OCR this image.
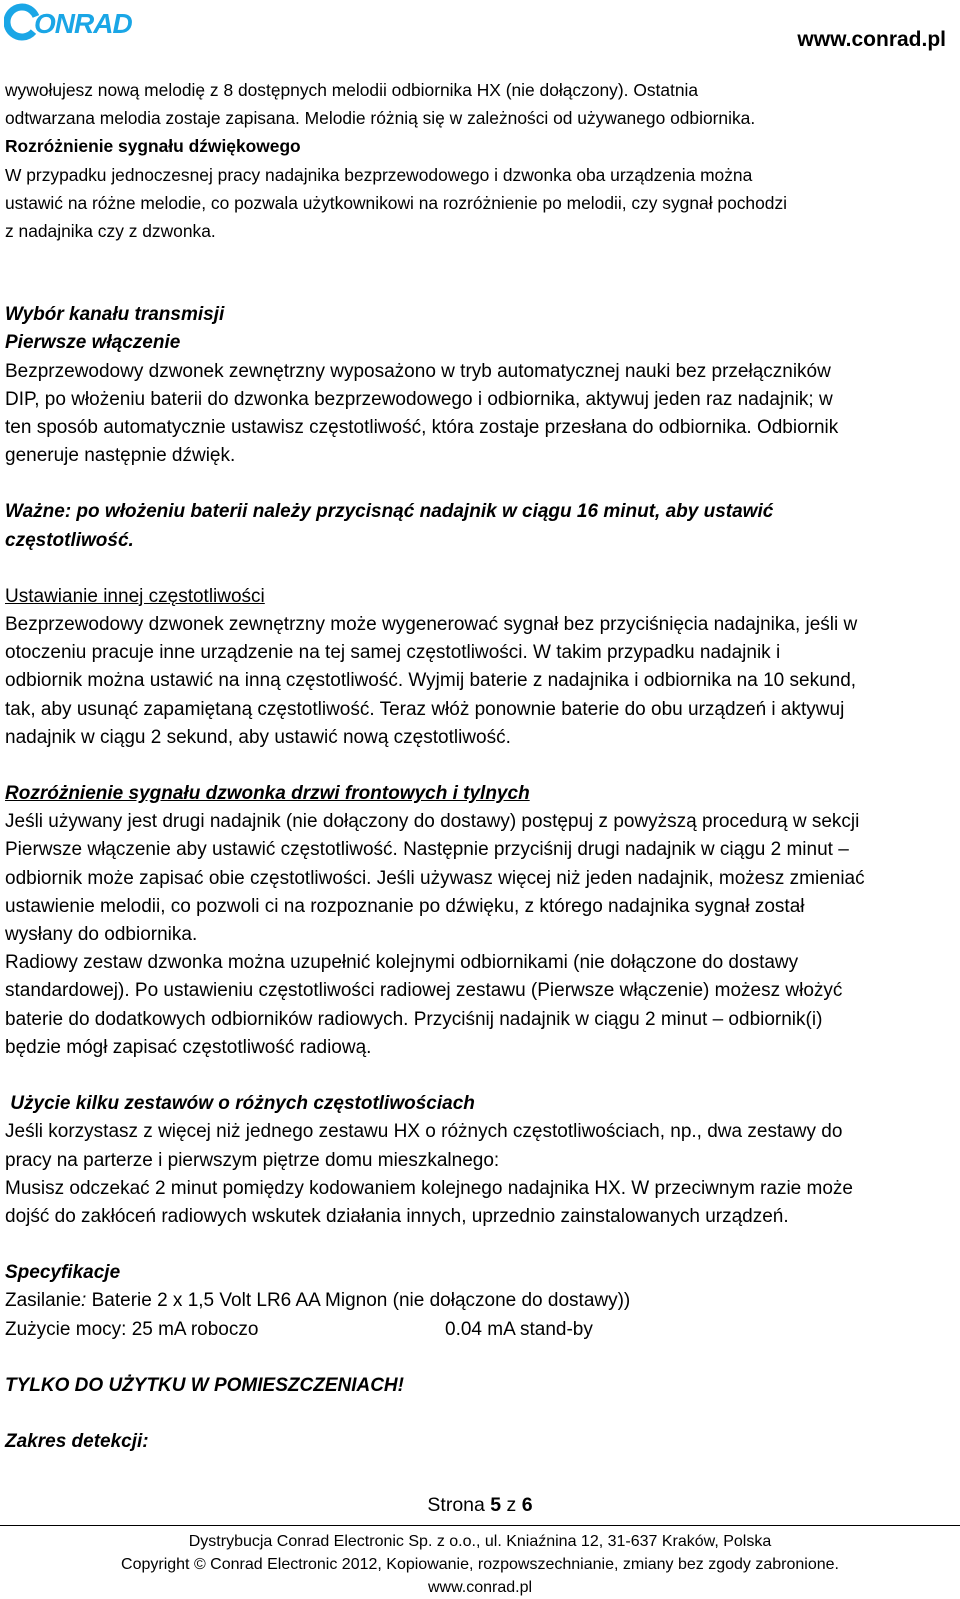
ONRAD
www.conrad.pl

wywołujesz nową melodię z 8 dostępnych melodii odbiornika HX (nie dołączony). Ostatnia

odtwarzana melodia zostaje zapisana. Melodie różnią się w zależności od używanego odbiornika.

Rozróżnienie sygnału dźwiękowego

W przypadku jednoczesnej pracy nadajnika bezprzewodowego i dzwonka oba urządzenia można

ustawić na różne melodie, co pozwala użytkownikowi na rozróżnienie po melodii, czy sygnał pochodzi

z nadajnika czy z dzwonka.

Wybór kanału transmisji

Pierwsze włączenie

Bezprzewodowy dzwonek zewnętrzny wyposażono w tryb automatycznej nauki bez przełączników

DIP, po włożeniu baterii do dzwonka bezprzewodowego i odbiornika, aktywuj jeden raz nadajnik; w

ten sposób automatycznie ustawisz częstotliwość, która zostaje przesłana do odbiornika. Odbiornik

generuje następnie dźwięk.

Ważne: po włożeniu baterii należy przycisnąć nadajnik w ciągu 16 minut, aby ustawić

częstotliwość.

Ustawianie innej częstotliwości

Bezprzewodowy dzwonek zewnętrzny może wygenerować sygnał bez przyciśnięcia nadajnika, jeśli w

otoczeniu pracuje inne urządzenie na tej samej częstotliwości. W takim przypadku nadajnik i

odbiornik można ustawić na inną częstotliwość. Wyjmij baterie z nadajnika i odbiornika na 10 sekund,

tak, aby usunąć zapamiętaną częstotliwość. Teraz włóż ponownie baterie do obu urządzeń i aktywuj

nadajnik w ciągu 2 sekund, aby ustawić nową częstotliwość.

Rozróżnienie sygnału dzwonka drzwi frontowych i tylnych

Jeśli używany jest drugi nadajnik (nie dołączony do dostawy) postępuj z powyższą procedurą w sekcji

Pierwsze włączenie aby ustawić częstotliwość. Następnie przyciśnij drugi nadajnik w ciągu 2 minut –

odbiornik może zapisać obie częstotliwości. Jeśli używasz więcej niż jeden nadajnik, możesz zmieniać

ustawienie melodii, co pozwoli ci na rozpoznanie po dźwięku, z którego nadajnika sygnał został

wysłany do odbiornika.

Radiowy zestaw dzwonka można uzupełnić kolejnymi odbiornikami (nie dołączone do dostawy

standardowej). Po ustawieniu częstotliwości radiowej zestawu (Pierwsze włączenie) możesz włożyć

baterie do dodatkowych odbiorników radiowych. Przyciśnij nadajnik w ciągu 2 minut – odbiornik(i)

będzie mógł zapisać częstotliwość radiową.

Użycie kilku zestawów o różnych częstotliwościach

Jeśli korzystasz z więcej niż jednego zestawu HX o różnych częstotliwościach, np., dwa zestawy do

pracy na parterze i pierwszym piętrze domu mieszkalnego:

Musisz odczekać 2 minut pomiędzy kodowaniem kolejnego nadajnika HX. W przeciwnym razie może

dojść do zakłóceń radiowych wskutek działania innych, uprzednio zainstalowanych urządzeń.

Specyfikacje

Zasilanie: Baterie 2 x 1,5 Volt LR6 AA Mignon (nie dołączone do dostawy))

Zużycie mocy: 25 mA roboczo	0.04 mA stand-by

TYLKO DO UŻYTKU W POMIESZCZENIACH!

Zakres detekcji:

Strona 5 z 6
Dystrybucja Conrad Electronic Sp. z o.o., ul. Kniaźnina 12, 31-637 Kraków, Polska
Copyright © Conrad Electronic 2012, Kopiowanie, rozpowszechnianie, zmiany bez zgody zabronione.
www.conrad.pl
